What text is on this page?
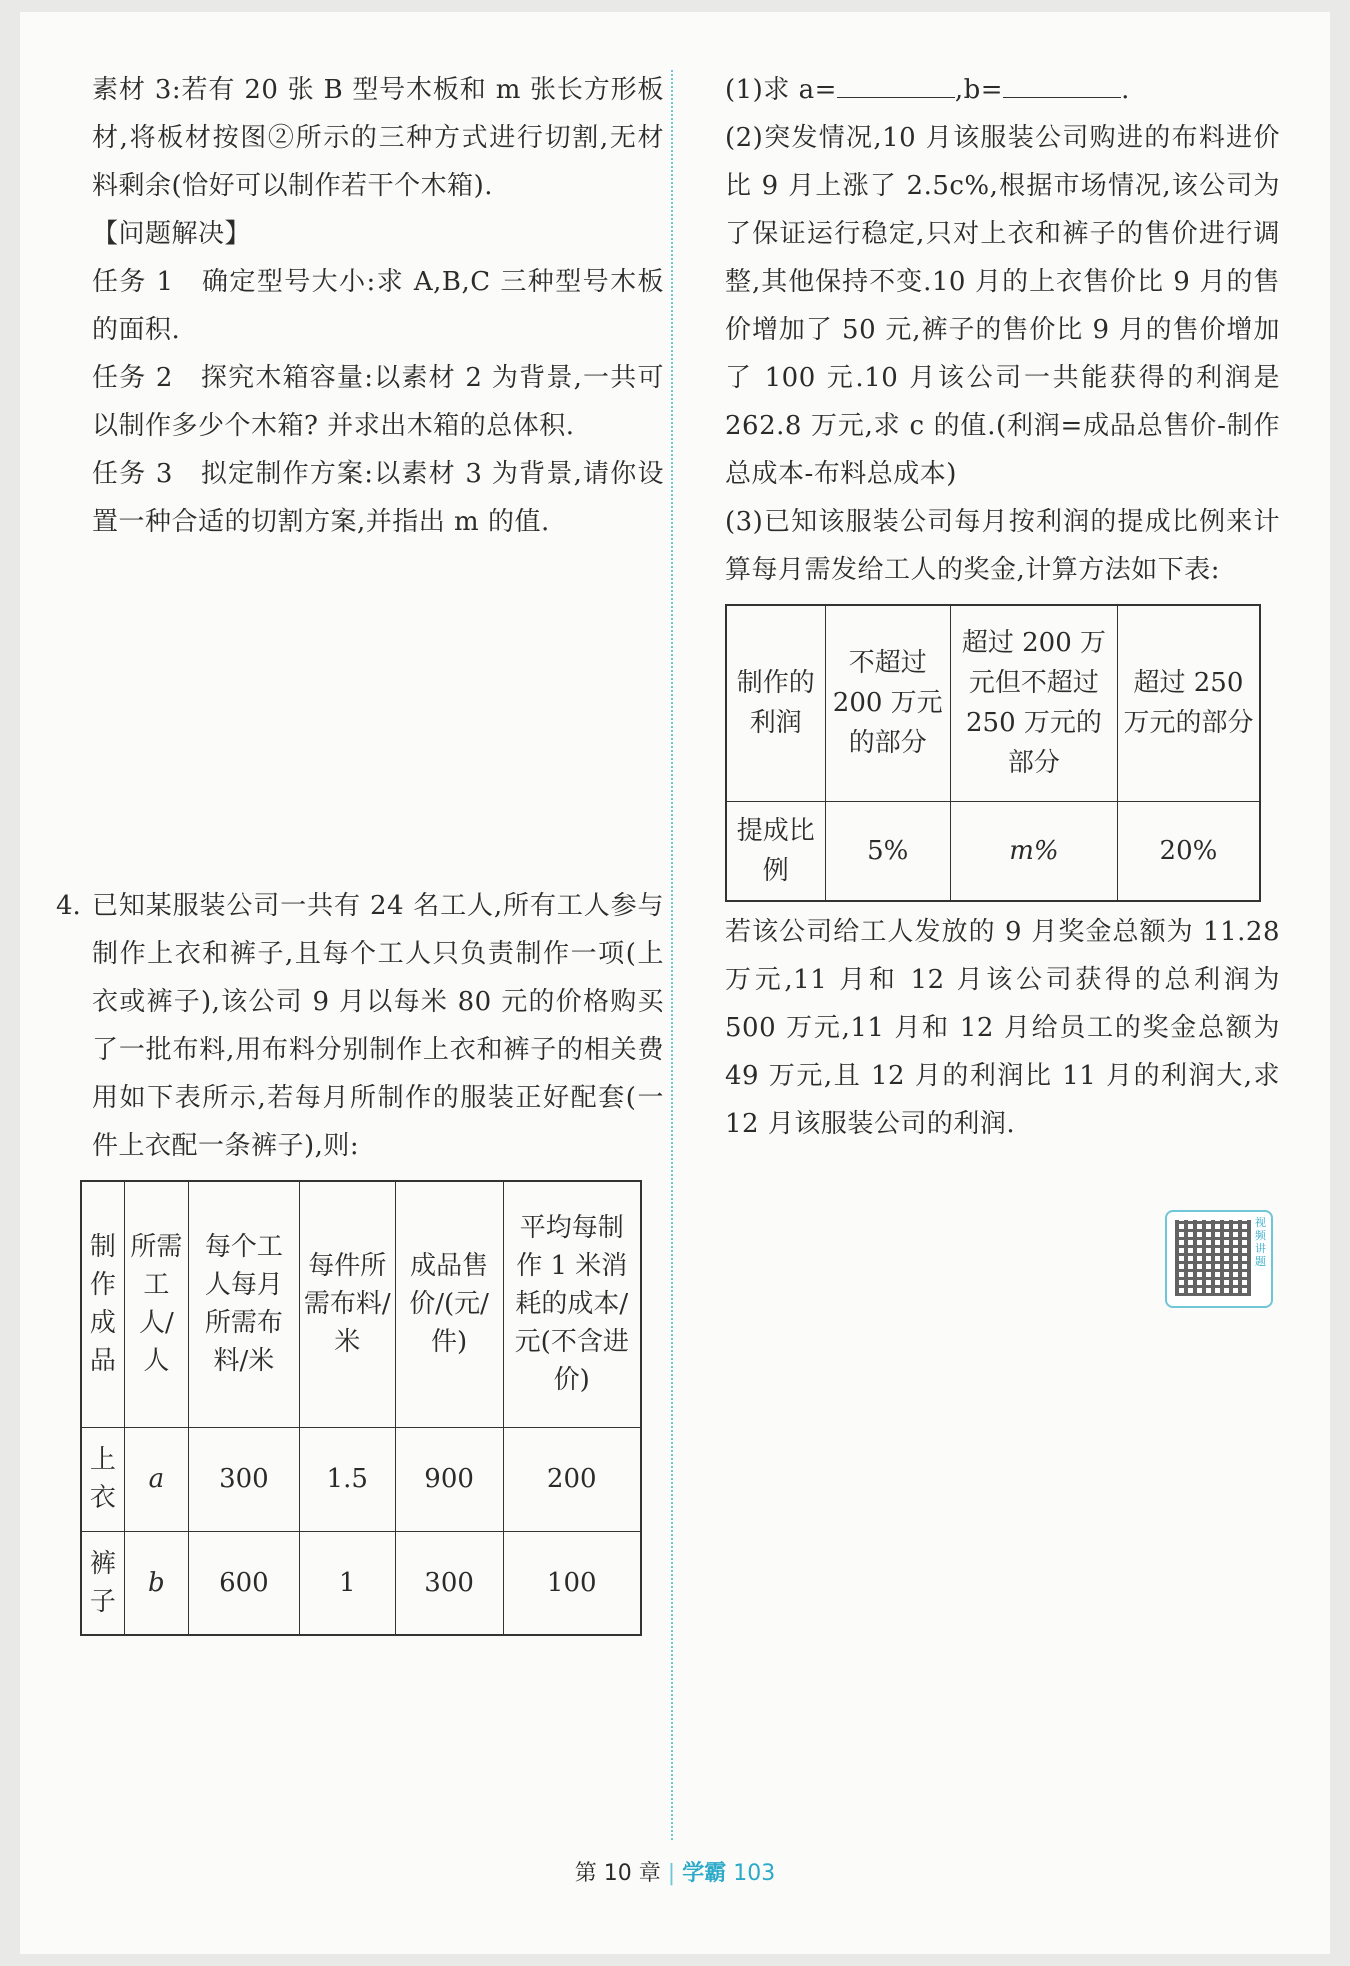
素材 3:若有 20 张 B 型号木板和 m 张长方形板材,将板材按图②所示的三种方式进行切割,无材料剩余(恰好可以制作若干个木箱).

【问题解决】

任务 1　确定型号大小:求 A,B,C 三种型号木板的面积.

任务 2　探究木箱容量:以素材 2 为背景,一共可以制作多少个木箱? 并求出木箱的总体积.

任务 3　拟定制作方案:以素材 3 为背景,请你设置一种合适的切割方案,并指出 m 的值.

4. 已知某服装公司一共有 24 名工人,所有工人参与制作上衣和裤子,且每个工人只负责制作一项(上衣或裤子),该公司 9 月以每米 80 元的价格购买了一批布料,用布料分别制作上衣和裤子的相关费用如下表所示,若每月所制作的服装正好配套(一件上衣配一条裤子),则:

制作成品	所需工人/人	每个工人每月所需布料/米	每件所需布料/米	成品售价/(元/件)	平均每制作 1 米消耗的成本/元(不含进价)
上衣	a	300	1.5	900	200
裤子	b	600	1	300	100

(1)求 a=	,b=	.

(2)突发情况,10 月该服装公司购进的布料进价比 9 月上涨了 2.5c%,根据市场情况,该公司为了保证运行稳定,只对上衣和裤子的售价进行调整,其他保持不变.10 月的上衣售价比 9 月的售价增加了 50 元,裤子的售价比 9 月的售价增加了 100 元.10 月该公司一共能获得的利润是 262.8 万元,求 c 的值.(利润=成品总售价-制作总成本-布料总成本)

(3)已知该服装公司每月按利润的提成比例来计算每月需发给工人的奖金,计算方法如下表:

制作的利润	不超过 200 万元的部分	超过 200 万元但不超过 250 万元的部分	超过 250 万元的部分
提成比例	5%	m%	20%

若该公司给工人发放的 9 月奖金总额为 11.28 万元,11 月和 12 月该公司获得的总利润为 500 万元,11 月和 12 月给员工的奖金总额为 49 万元,且 12 月的利润比 11 月的利润大,求 12 月该服装公司的利润.

视频讲题
第 10 章 | 学霸 103
